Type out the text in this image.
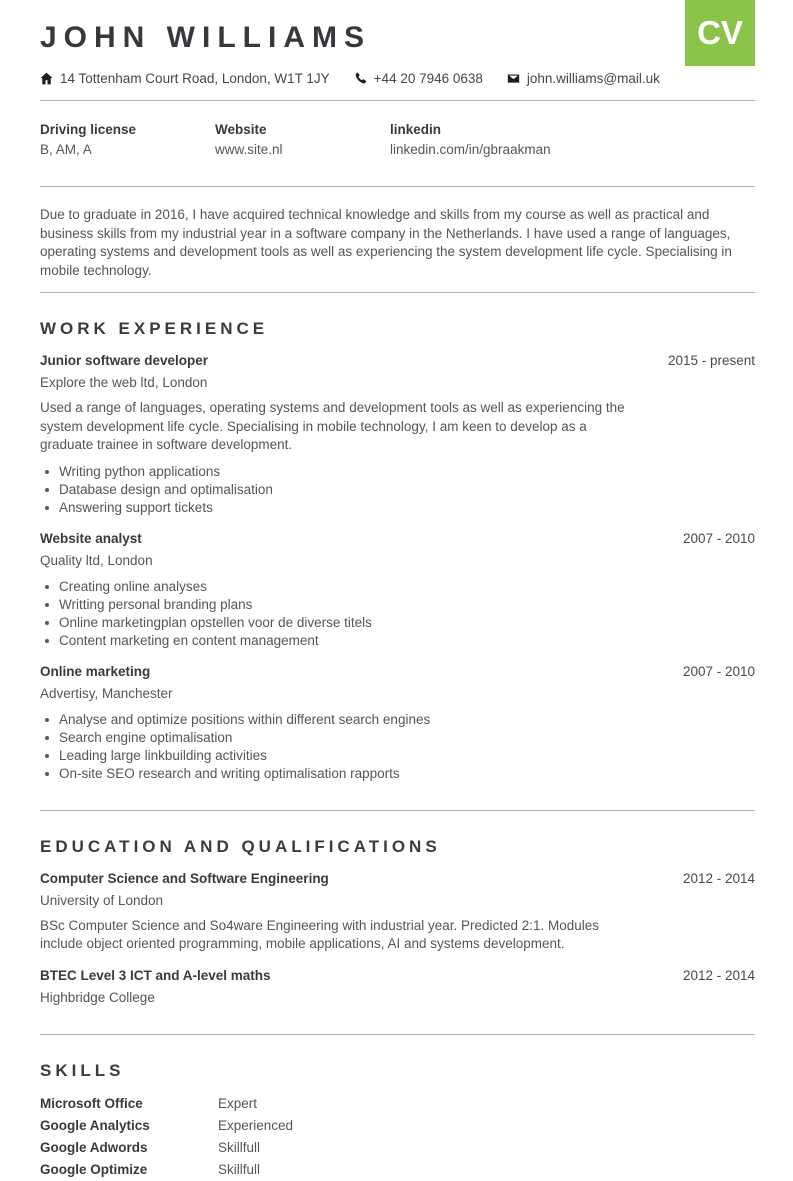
CV
JOHN WILLIAMS
14 Tottenham Court Road, London, W1T 1JY	+44 20 7946 0638	john.williams@mail.uk
Driving license
B, AM, A
Website
www.site.nl
linkedin
linkedin.com/in/gbraakman

Due to graduate in 2016, I have acquired technical knowledge and skills from my course as well as practical and business skills from my industrial year in a software company in the Netherlands. I have used a range of languages, operating systems and development tools as well as experiencing the system development life cycle. Specialising in mobile technology.

WORK EXPERIENCE
Junior software developer	2015 - present
Explore the web ltd, London

Used a range of languages, operating systems and development tools as well as experiencing the system development life cycle. Specialising in mobile technology, I am keen to develop as a graduate trainee in software development.

Writing python applications
Database design and optimalisation
Answering support tickets
Website analyst	2007 - 2010
Quality ltd, London
Creating online analyses
Writting personal branding plans
Online marketingplan opstellen voor de diverse titels
Content marketing en content management
Online marketing	2007 - 2010
Advertisy, Manchester
Analyse and optimize positions within different search engines
Search engine optimalisation
Leading large linkbuilding activities
On-site SEO research and writing optimalisation rapports
EDUCATION AND QUALIFICATIONS
Computer Science and Software Engineering	2012 - 2014
University of London

BSc Computer Science and So4ware Engineering with industrial year. Predicted 2:1. Modules include object oriented programming, mobile applications, AI and systems development.

BTEC Level 3 ICT and A-level maths	2012 - 2014
Highbridge College
SKILLS
Microsoft Office	Expert
Google Analytics	Experienced
Google Adwords	Skillfull
Google Optimize	Skillfull
